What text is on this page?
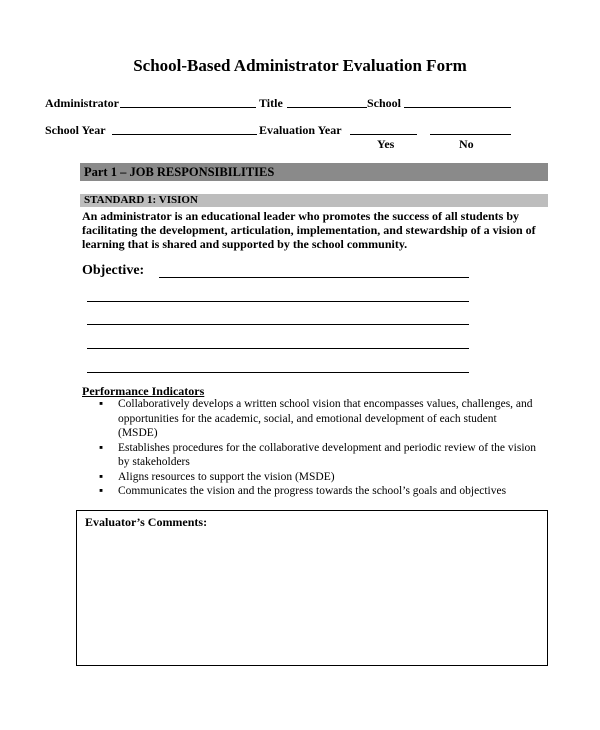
School-Based Administrator Evaluation Form
Administrator	Title	School
School Year	Evaluation Year
Yes	No
Part 1 – JOB RESPONSIBILITIES
STANDARD 1: VISION
An administrator is an educational leader who promotes the success of all students by facilitating the development, articulation, implementation, and stewardship of a vision of learning that is shared and supported by the school community.
Objective:
Performance Indicators
▪ Collaboratively develops a written school vision that encompasses values, challenges, and opportunities for the academic, social, and emotional development of each student (MSDE)
▪ Establishes procedures for the collaborative development and periodic review of the vision by stakeholders
▪ Aligns resources to support the vision (MSDE)
▪ Communicates the vision and the progress towards the school’s goals and objectives
Evaluator’s Comments:
